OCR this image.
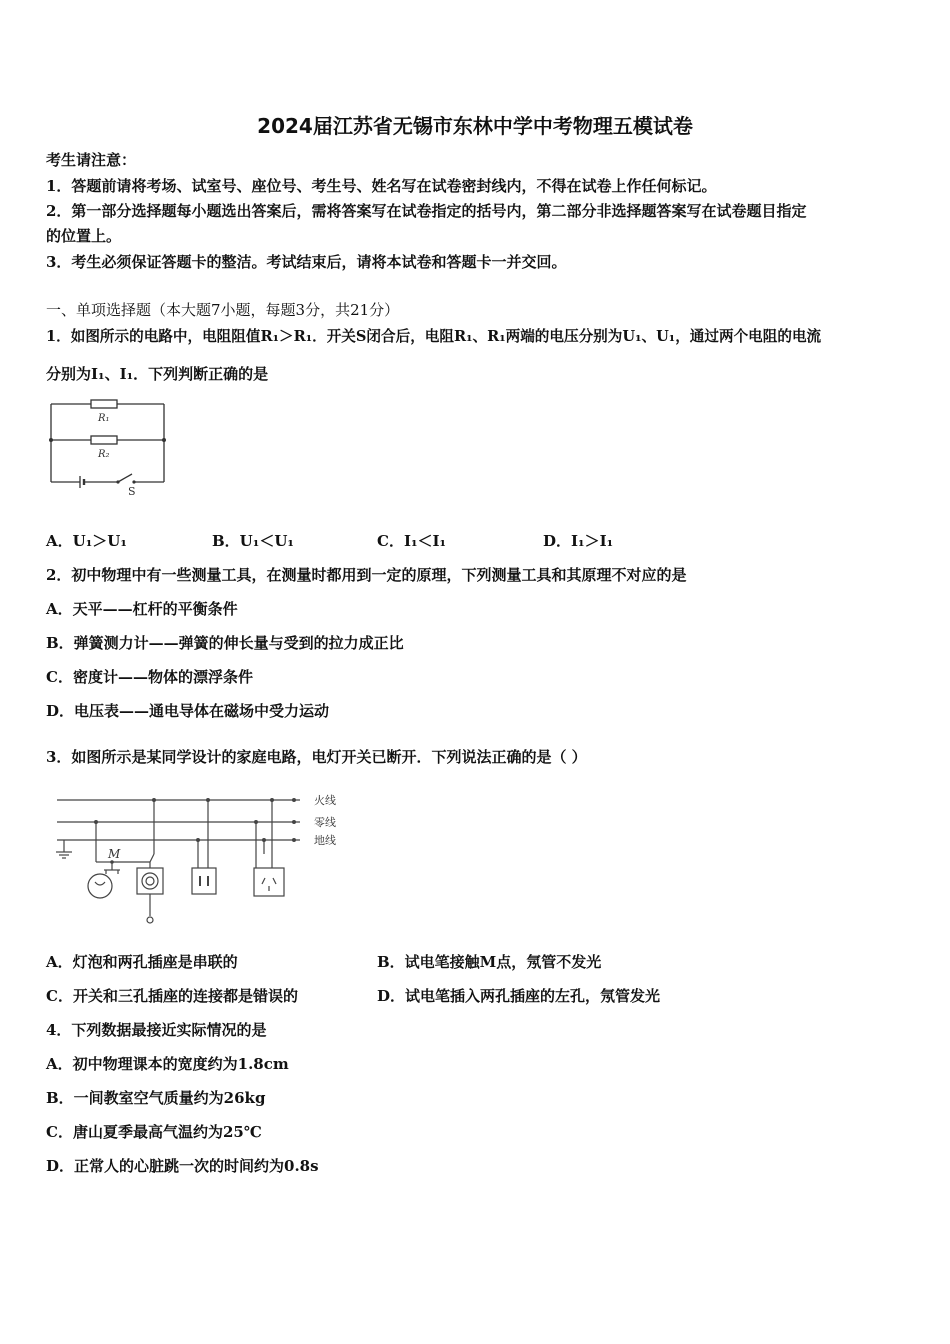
2024届江苏省无锡市东林中学中考物理五模试卷
考生请注意：
1．答题前请将考场、试室号、座位号、考生号、姓名写在试卷密封线内，不得在试卷上作任何标记。
2．第一部分选择题每小题选出答案后，需将答案写在试卷指定的括号内，第二部分非选择题答案写在试卷题目指定
的位置上。
3．考生必须保证答题卡的整洁。考试结束后，请将本试卷和答题卡一并交回。
一、单项选择题（本大题7小题，每题3分，共21分）
1．如图所示的电路中，电阻阻值R₁＞R₁．开关S闭合后，电阻R₁、R₁两端的电压分别为U₁、U₁，通过两个电阻的电流
分别为I₁、I₁．下列判断正确的是
R₁
R₂
S
A．U₁＞U₁	B．U₁＜U₁	C．I₁＜I₁	D．I₁＞I₁
2．初中物理中有一些测量工具，在测量时都用到一定的原理，下列测量工具和其原理不对应的是
A．天平——杠杆的平衡条件
B．弹簧测力计——弹簧的伸长量与受到的拉力成正比
C．密度计——物体的漂浮条件
D．电压表——通电导体在磁场中受力运动
3．如图所示是某同学设计的家庭电路，电灯开关已断开．下列说法正确的是（ ）
M
火线
零线
地线
A．灯泡和两孔插座是串联的	B．试电笔接触M点，氖管不发光
C．开关和三孔插座的连接都是错误的	D．试电笔插入两孔插座的左孔，氖管发光
4．下列数据最接近实际情况的是
A．初中物理课本的宽度约为1.8cm
B．一间教室空气质量约为26kg
C．唐山夏季最高气温约为25℃
D．正常人的心脏跳一次的时间约为0.8s
